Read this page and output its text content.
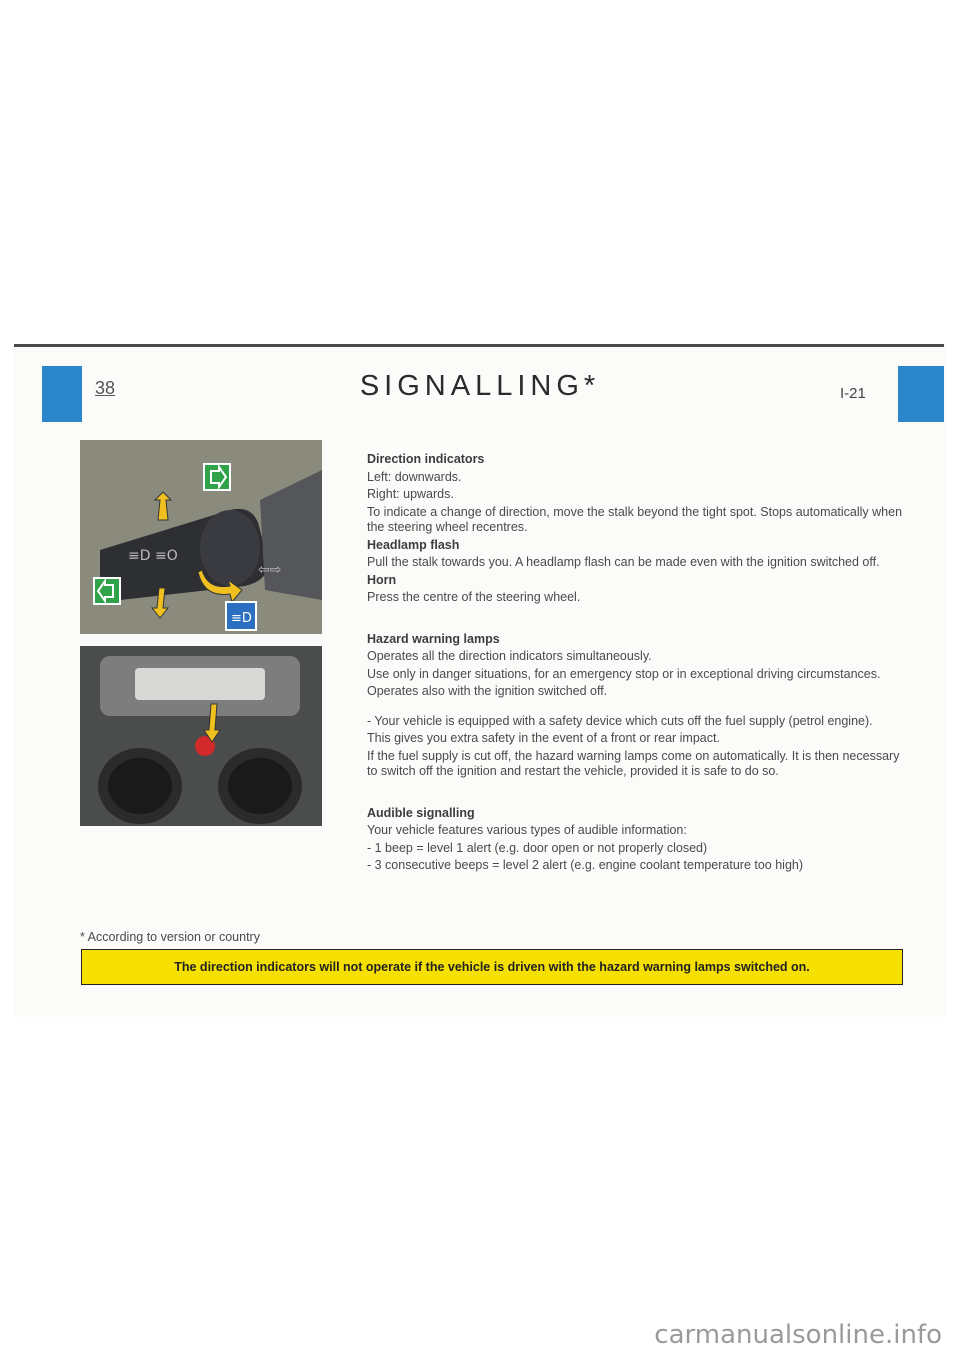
38	SIGNALLING*	I-21
≡D ≡O
⇦⇨
≡D

Direction indicators

Left: downwards.

Right: upwards.

To indicate a change of direction, move the stalk beyond the tight spot. Stops automatically when the steering wheel recentres.

Headlamp flash

Pull the stalk towards you. A headlamp flash can be made even with the ignition switched off.

Horn

Press the centre of the steering wheel.

Hazard warning lamps

Operates all the direction indicators simultaneously.

Use only in danger situations, for an emergency stop or in exceptional driving circumstances.

Operates also with the ignition switched off.

- Your vehicle is equipped with a safety device which cuts off the fuel supply (petrol engine).

This gives you extra safety in the event of a front or rear impact.

If the fuel supply is cut off, the hazard warning lamps come on automatically. It is then necessary to switch off the ignition and restart the vehicle, provided it is safe to do so.

Audible signalling

Your vehicle features various types of audible information:

- 1 beep = level 1 alert (e.g. door open or not properly closed)

- 3 consecutive beeps = level 2 alert (e.g. engine coolant temperature too high)

* According to version or country
The direction indicators will not operate if the vehicle is driven with the hazard warning lamps switched on.
carmanualsonline.info
